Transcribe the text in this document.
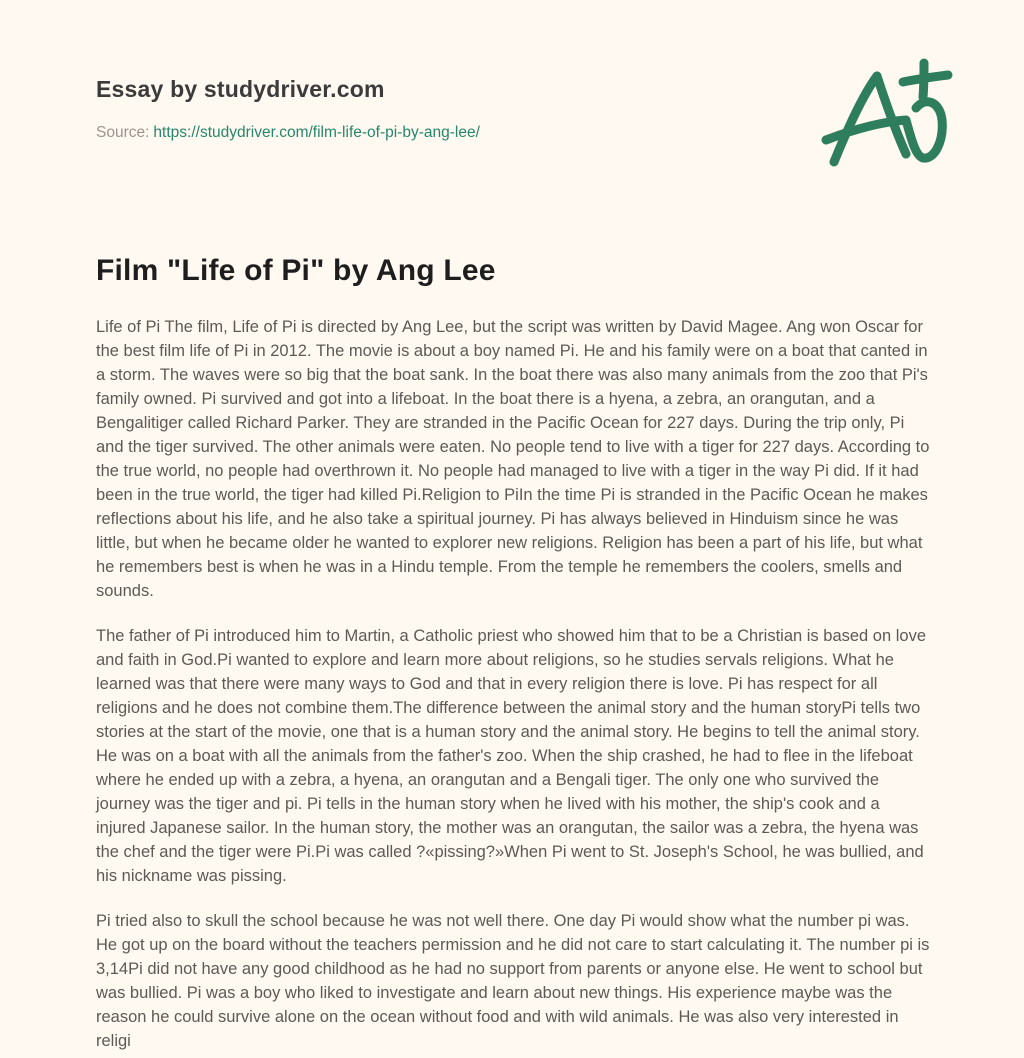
Essay by studydriver.com
Source: https://studydriver.com/film-life-of-pi-by-ang-lee/
Film "Life of Pi" by Ang Lee

Life of Pi The film, Life of Pi is directed by Ang Lee, but the script was written by David Magee. Ang won Oscar for the best film life of Pi in 2012. The movie is about a boy named Pi. He and his family were on a boat that canted in a storm. The waves were so big that the boat sank. In the boat there was also many animals from the zoo that Pi's family owned. Pi survived and got into a lifeboat. In the boat there is a hyena, a zebra, an orangutan, and a Bengalitiger called Richard Parker. They are stranded in the Pacific Ocean for 227 days. During the trip only, Pi and the tiger survived. The other animals were eaten. No people tend to live with a tiger for 227 days. According to the true world, no people had overthrown it. No people had managed to live with a tiger in the way Pi did. If it had been in the true world, the tiger had killed Pi.Religion to PiIn the time Pi is stranded in the Pacific Ocean he makes reflections about his life, and he also take a spiritual journey. Pi has always believed in Hinduism since he was little, but when he became older he wanted to explorer new religions. Religion has been a part of his life, but what he remembers best is when he was in a Hindu temple. From the temple he remembers the coolers, smells and sounds.

The father of Pi introduced him to Martin, a Catholic priest who showed him that to be a Christian is based on love and faith in God.Pi wanted to explore and learn more about religions, so he studies servals religions. What he learned was that there were many ways to God and that in every religion there is love. Pi has respect for all religions and he does not combine them.The difference between the animal story and the human storyPi tells two stories at the start of the movie, one that is a human story and the animal story. He begins to tell the animal story. He was on a boat with all the animals from the father's zoo. When the ship crashed, he had to flee in the lifeboat where he ended up with a zebra, a hyena, an orangutan and a Bengali tiger. The only one who survived the journey was the tiger and pi. Pi tells in the human story when he lived with his mother, the ship's cook and a injured Japanese sailor. In the human story, the mother was an orangutan, the sailor was a zebra, the hyena was the chef and the tiger were Pi.Pi was called ?«pissing?»When Pi went to St. Joseph's School, he was bullied, and his nickname was pissing.

Pi tried also to skull the school because he was not well there. One day Pi would show what the number pi was. He got up on the board without the teachers permission and he did not care to start calculating it. The number pi is 3,14Pi did not have any good childhood as he had no support from parents or anyone else. He went to school but was bullied. Pi was a boy who liked to investigate and learn about new things. His experience maybe was the reason he could survive alone on the ocean without food and with wild animals. He was also very interested in religi
